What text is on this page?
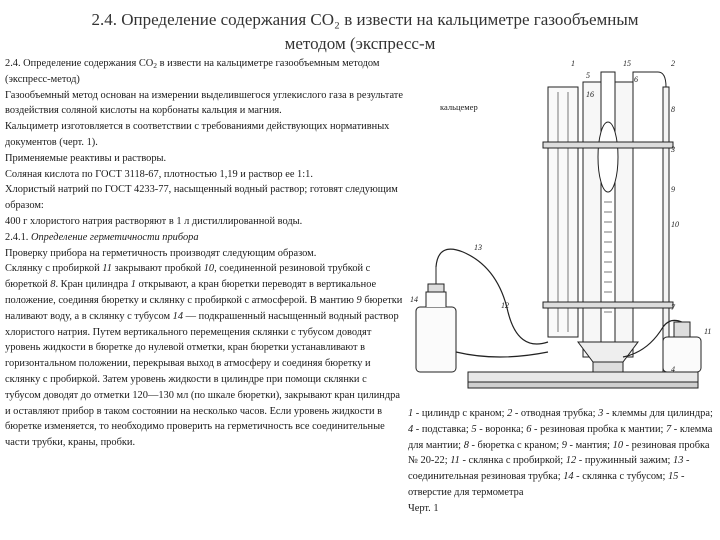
2.4. Определение содержания CO₂ в извести на кальциметре газообъемным
методом (экспресс-м

2.4. Определение содержания $CO_2$ в извести на кальциметре газообъемным методом (экспресс-метод)

Газообъемный метод основан на измерении выделившегося углекислого газа в результате воздействия соляной кислоты на корбонаты кальция и магния.

Кальциметр изготовляется в соответствии с требованиями действующих нормативных документов (черт. 1).

Применяемые реактивы и растворы.

Соляная кислота по ГОСТ 3118-67, плотностью 1,19 и раствор ее 1:1.

Хлористый натрий по ГОСТ 4233-77, насыщенный водный раствор; готовят следующим образом:

400 г хлористого натрия растворяют в 1 л дистиллированной воды.

2.4.1. Определение герметичности прибора

Проверку прибора на герметичность производят следующим образом.

Склянку с пробиркой 11 закрывают пробкой 10, соединенной резиновой трубкой с бюреткой 8. Кран цилиндра 1 открывают, а кран бюретки переводят в вертикальное положение, соединяя бюретку и склянку с пробиркой с атмосферой. В мантию 9 бюретки наливают воду, а в склянку с тубусом 14 — подкрашенный насыщенный водный раствор хлористого натрия. Путем вертикального перемещения склянки с тубусом доводят уровень жидкости в бюретке до нулевой отметки, кран бюретки устанавливают в горизонтальном положении, перекрывая выход в атмосферу и соединяя бюретку и склянку с пробиркой. Затем уровень жидкости в цилиндре при помощи склянки с тубусом доводят до отметки 120—130 мл (по шкале бюретки), закрывают кран цилиндра и оставляют прибор в таком состоянии на несколько часов. Если уровень жидкости в бюретке изменяется, то необходимо проверить на герметичность все соединительные части трубки, краны, пробки.

1	2
3
4
5	6
7
8
9
10
11
12
13
14
15
16
кальцемер
1 - цилиндр с краном; 2 - отводная трубка; 3 - клеммы для цилиндра; 4 - подставка; 5 - воронка; 6 - резиновая пробка к мантии; 7 - клемма для мантии; 8 - бюретка с краном; 9 - мантия; 10 - резиновая пробка № 20-22; 11 - склянка с пробиркой; 12 - пружинный зажим; 13 - соединительная резиновая трубка; 14 - склянка с тубусом; 15 - отверстие для термометра
Черт. 1
